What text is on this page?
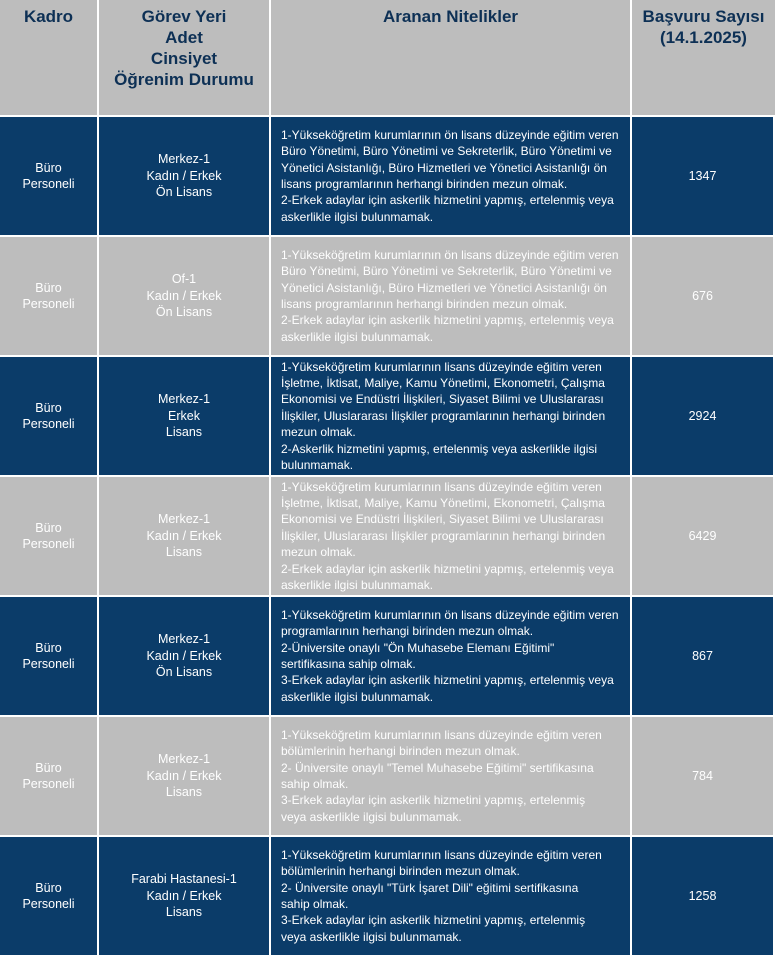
Kadro	Görev Yeri
Adet
Cinsiyet
Öğrenim Durumu
Aranan Nitelikler	Başvuru Sayısı
(14.1.2025)
Büro
Personeli
Merkez-1
Kadın / Erkek
Ön Lisans
1-Yükseköğretim kurumlarının ön lisans düzeyinde eğitim veren
Büro Yönetimi, Büro Yönetimi ve Sekreterlik, Büro Yönetimi ve
Yönetici Asistanlığı, Büro Hizmetleri ve Yönetici Asistanlığı ön
lisans programlarının herhangi birinden mezun olmak.
2-Erkek adaylar için askerlik hizmetini yapmış, ertelenmiş veya
askerlikle ilgisi bulunmamak.
1347
Büro
Personeli
Of-1
Kadın / Erkek
Ön Lisans
1-Yükseköğretim kurumlarının ön lisans düzeyinde eğitim veren
Büro Yönetimi, Büro Yönetimi ve Sekreterlik, Büro Yönetimi ve
Yönetici Asistanlığı, Büro Hizmetleri ve Yönetici Asistanlığı ön
lisans programlarının herhangi birinden mezun olmak.
2-Erkek adaylar için askerlik hizmetini yapmış, ertelenmiş veya
askerlikle ilgisi bulunmamak.
676
Büro
Personeli
Merkez-1
Erkek
Lisans
1-Yükseköğretim kurumlarının lisans düzeyinde eğitim veren
İşletme, İktisat, Maliye, Kamu Yönetimi, Ekonometri, Çalışma
Ekonomisi ve Endüstri İlişkileri, Siyaset Bilimi ve Uluslararası
İlişkiler, Uluslararası İlişkiler programlarının herhangi birinden
mezun olmak.
2-Askerlik hizmetini yapmış, ertelenmiş veya askerlikle ilgisi
bulunmamak.
2924
Büro
Personeli
Merkez-1
Kadın / Erkek
Lisans
1-Yükseköğretim kurumlarının lisans düzeyinde eğitim veren
İşletme, İktisat, Maliye, Kamu Yönetimi, Ekonometri, Çalışma
Ekonomisi ve Endüstri İlişkileri, Siyaset Bilimi ve Uluslararası
İlişkiler, Uluslararası İlişkiler programlarının herhangi birinden
mezun olmak.
2-Erkek adaylar için askerlik hizmetini yapmış, ertelenmiş veya
askerlikle ilgisi bulunmamak.
6429
Büro
Personeli
Merkez-1
Kadın / Erkek
Ön Lisans
1-Yükseköğretim kurumlarının ön lisans düzeyinde eğitim veren
programlarının herhangi birinden mezun olmak.
2-Üniversite onaylı "Ön Muhasebe Elemanı Eğitimi"
sertifikasına sahip olmak.
3-Erkek adaylar için askerlik hizmetini yapmış, ertelenmiş veya
askerlikle ilgisi bulunmamak.
867
Büro
Personeli
Merkez-1
Kadın / Erkek
Lisans
1-Yükseköğretim kurumlarının lisans düzeyinde eğitim veren
bölümlerinin herhangi birinden mezun olmak.
2- Üniversite onaylı "Temel Muhasebe Eğitimi" sertifikasına
sahip olmak.
3-Erkek adaylar için askerlik hizmetini yapmış, ertelenmiş
veya askerlikle ilgisi bulunmamak.
784
Büro
Personeli
Farabi Hastanesi-1
Kadın / Erkek
Lisans
1-Yükseköğretim kurumlarının lisans düzeyinde eğitim veren
bölümlerinin herhangi birinden mezun olmak.
2- Üniversite onaylı "Türk İşaret Dili" eğitimi sertifikasına
sahip olmak.
3-Erkek adaylar için askerlik hizmetini yapmış, ertelenmiş
veya askerlikle ilgisi bulunmamak.
1258
